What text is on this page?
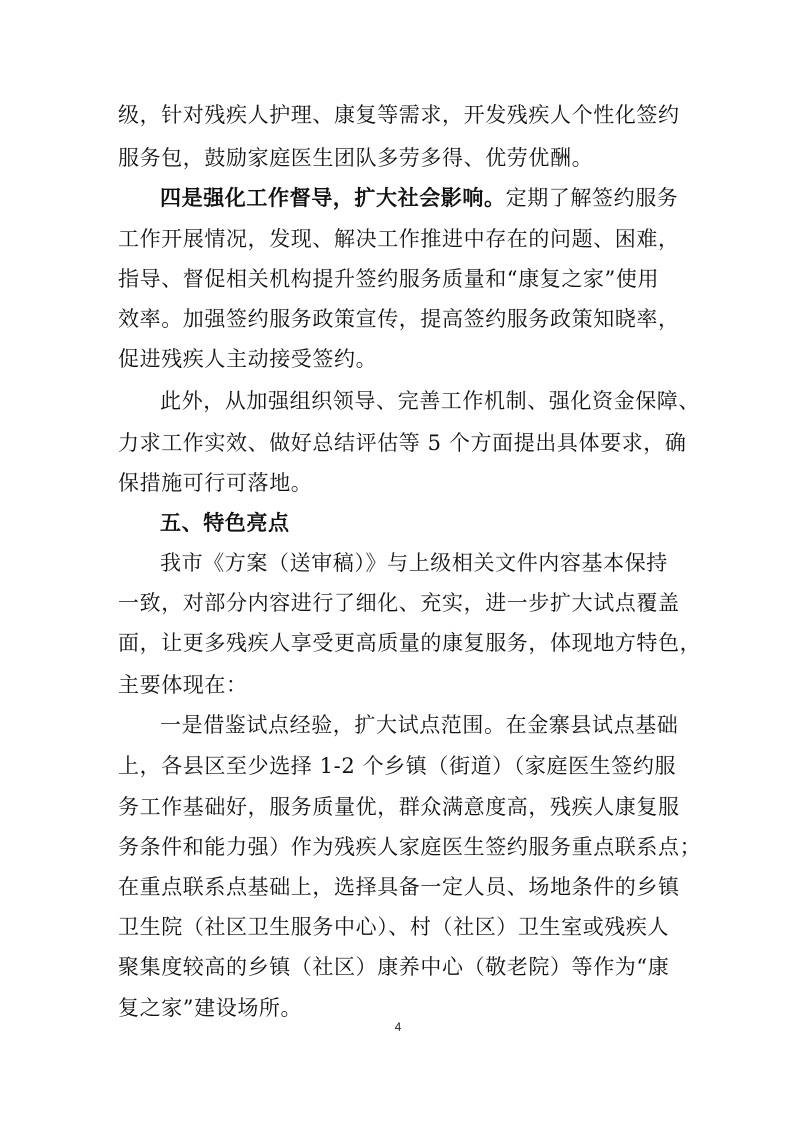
级，针对残疾人护理、康复等需求，开发残疾人个性化签约
服务包，鼓励家庭医生团队多劳多得、优劳优酬。
四是强化工作督导，扩大社会影响。定期了解签约服务
工作开展情况，发现、解决工作推进中存在的问题、困难，
指导、督促相关机构提升签约服务质量和“康复之家”使用
效率。加强签约服务政策宣传，提高签约服务政策知晓率，
促进残疾人主动接受签约。
此外，从加强组织领导、完善工作机制、强化资金保障、
力求工作实效、做好总结评估等 5 个方面提出具体要求，确
保措施可行可落地。
五、特色亮点
我市《方案（送审稿）》与上级相关文件内容基本保持
一致，对部分内容进行了细化、充实，进一步扩大试点覆盖
面，让更多残疾人享受更高质量的康复服务，体现地方特色，
主要体现在：
一是借鉴试点经验，扩大试点范围。在金寨县试点基础
上，各县区至少选择 1-2 个乡镇（街道）（家庭医生签约服
务工作基础好，服务质量优，群众满意度高，残疾人康复服
务条件和能力强）作为残疾人家庭医生签约服务重点联系点；
在重点联系点基础上，选择具备一定人员、场地条件的乡镇
卫生院（社区卫生服务中心）、村（社区）卫生室或残疾人
聚集度较高的乡镇（社区）康养中心（敬老院）等作为“康
复之家”建设场所。
4
